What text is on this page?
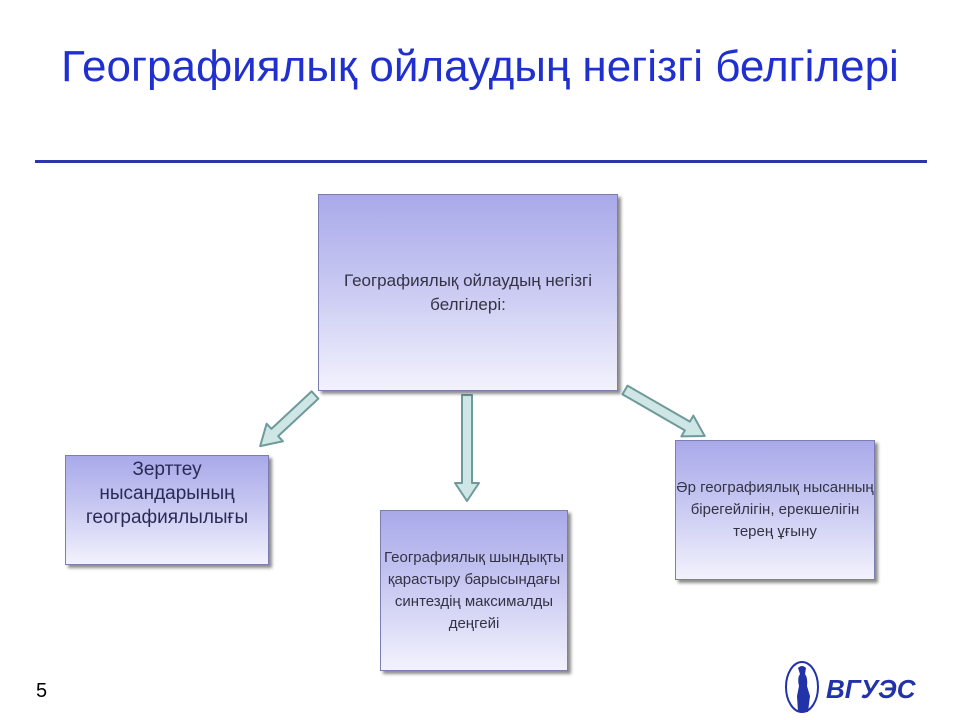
Географиялық ойлаудың негізгі белгілері
Географиялық ойлаудың негізгі белгілері:
Зерттеу нысандарының географиялылығы
Географиялық шындықты қарастыру барысындағы синтездің максималды деңгейі
Әр географиялық нысанның бірегейлігін, ерекшелігін терең ұғыну
5	ВГУЭС
